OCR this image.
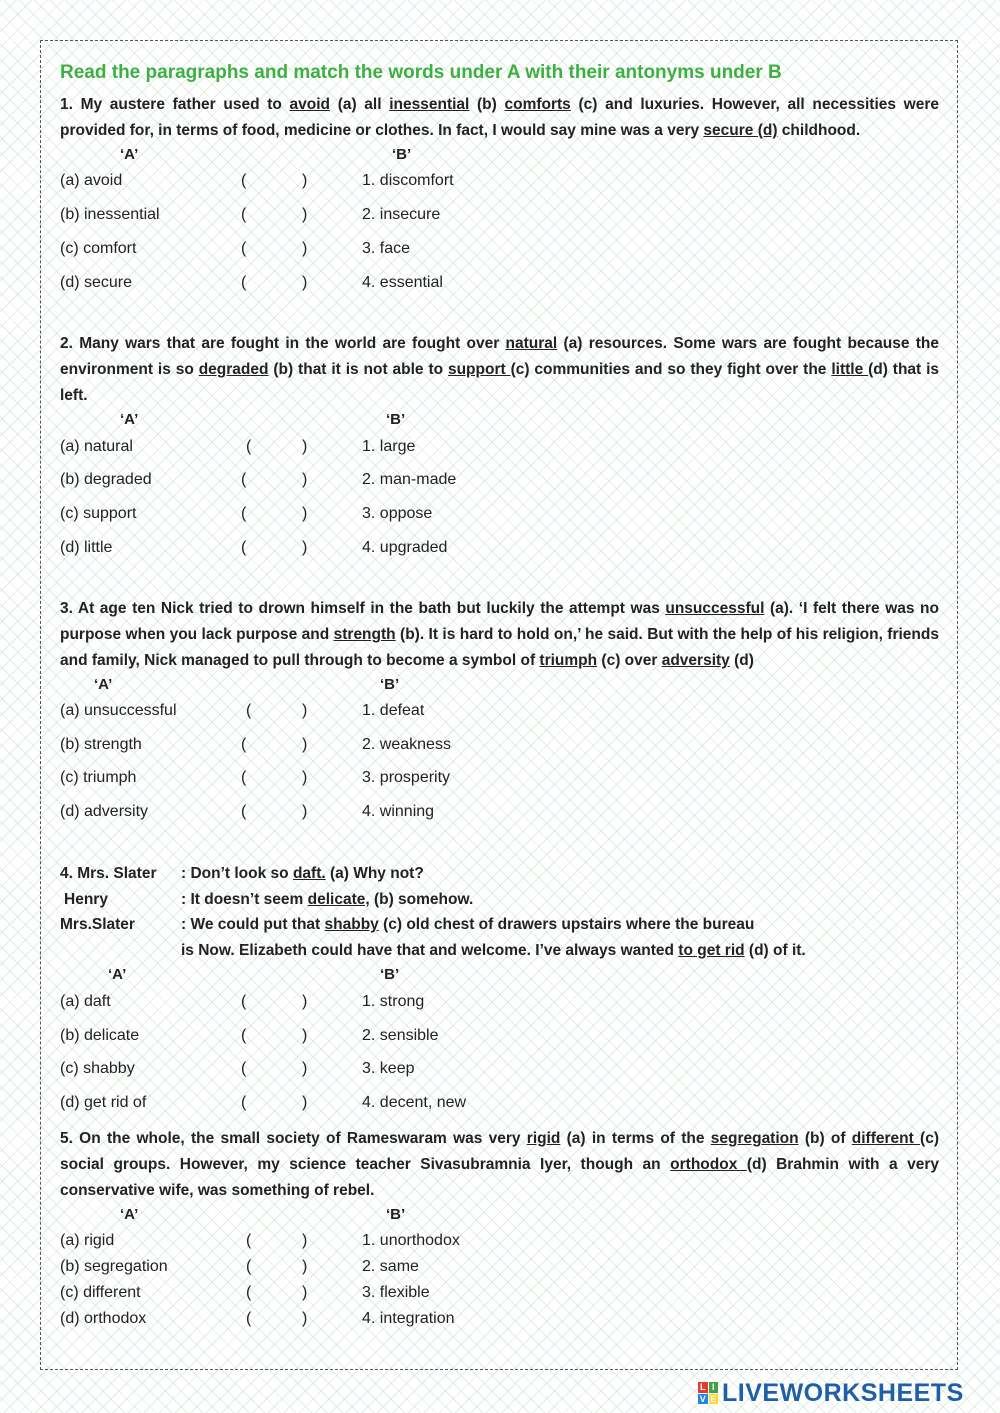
Read the paragraphs and match the words under A with their antonyms under B
1. My austere father used to avoid (a) all inessential (b) comforts (c) and luxuries. However, all necessities were provided for, in terms of food, medicine or clothes. In fact, I would say mine was a very secure (d) childhood.
‘A’	‘B’
(a) avoid	(	)	1. discomfort
(b) inessential	(	)	2. insecure
(c) comfort	(	)	3. face
(d) secure	(	)	4. essential
2. Many wars that are fought in the world are fought over natural (a) resources. Some wars are fought because the environment is so degraded (b) that it is not able to support (c) communities and so they fight over the little (d) that is left.
‘A’	‘B’
(a) natural	(	)	1. large
(b) degraded	(	)	2. man-made
(c) support	(	)	3. oppose
(d) little	(	)	4. upgraded
3. At age ten Nick tried to drown himself in the bath but luckily the attempt was unsuccessful (a). ‘I felt there was no purpose when you lack purpose and strength (b). It is hard to hold on,’ he said. But with the help of his religion, friends and family, Nick managed to pull through to become a symbol of triumph (c) over adversity (d)
‘A’	‘B’
(a) unsuccessful	(	)	1. defeat
(b) strength	(	)	2. weakness
(c) triumph	(	)	3. prosperity
(d) adversity	(	)	4. winning
4. Mrs. Slater : Don’t look so daft. (a) Why not?
Henry	: It doesn’t seem delicate, (b) somehow.
Mrs.Slater	: We could put that shabby (c) old chest of drawers upstairs where the bureau
is Now. Elizabeth could have that and welcome. I’ve always wanted to get rid (d) of it.
‘A’	‘B’
(a) daft	(	)	1. strong
(b) delicate	(	)	2. sensible
(c) shabby	(	)	3. keep
(d) get rid of	(	)	4. decent, new
5. On the whole, the small society of Rameswaram was very rigid (a) in terms of the segregation (b) of different (c) social groups. However, my science teacher Sivasubramnia Iyer, though an orthodox (d) Brahmin with a very conservative wife, was something of rebel.
‘A’	‘B’
(a) rigid	(	)	1. unorthodox
(b) segregation	(	)	2. same
(c) different	(	)	3. flexible
(d) orthodox	(	)	4. integration
L I
V E LIVEWORKSHEETS
